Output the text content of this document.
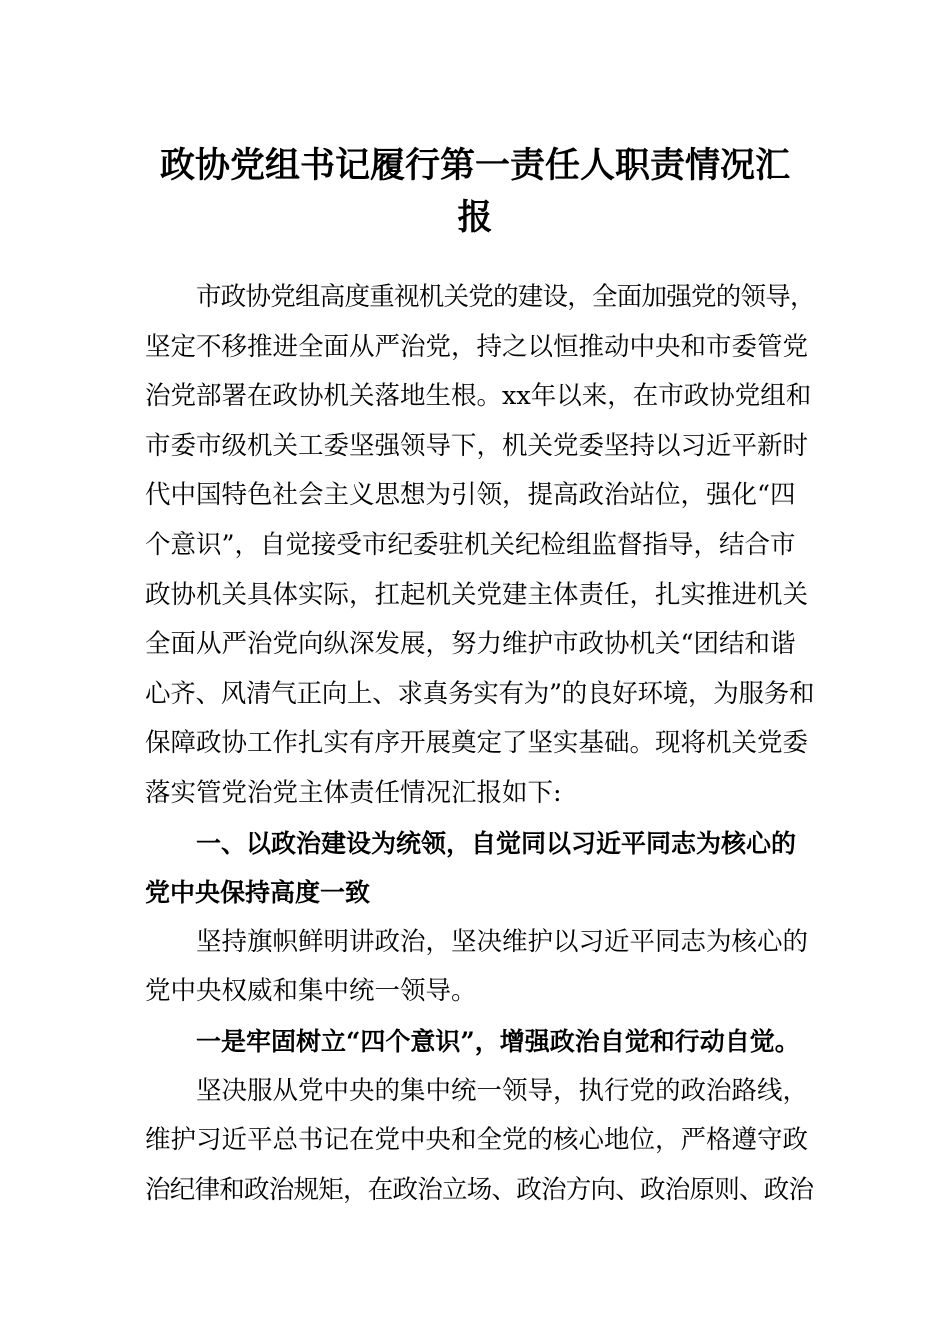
政协党组书记履行第一责任人职责情况汇
报
市政协党组高度重视机关党的建设，全面加强党的领导，
坚定不移推进全面从严治党，持之以恒推动中央和市委管党
治党部署在政协机关落地生根。xx年以来，在市政协党组和
市委市级机关工委坚强领导下，机关党委坚持以习近平新时
代中国特色社会主义思想为引领，提高政治站位，强化“四
个意识”，自觉接受市纪委驻机关纪检组监督指导，结合市
政协机关具体实际，扛起机关党建主体责任，扎实推进机关
全面从严治党向纵深发展，努力维护市政协机关“团结和谐
心齐、风清气正向上、求真务实有为”的良好环境，为服务和
保障政协工作扎实有序开展奠定了坚实基础。现将机关党委
落实管党治党主体责任情况汇报如下:
一、以政治建设为统领，自觉同以习近平同志为核心的
党中央保持高度一致
坚持旗帜鲜明讲政治，坚决维护以习近平同志为核心的
党中央权威和集中统一领导。
一是牢固树立“四个意识”，增强政治自觉和行动自觉。
坚决服从党中央的集中统一领导，执行党的政治路线，
维护习近平总书记在党中央和全党的核心地位，严格遵守政
治纪律和政治规矩，在政治立场、政治方向、政治原则、政治
